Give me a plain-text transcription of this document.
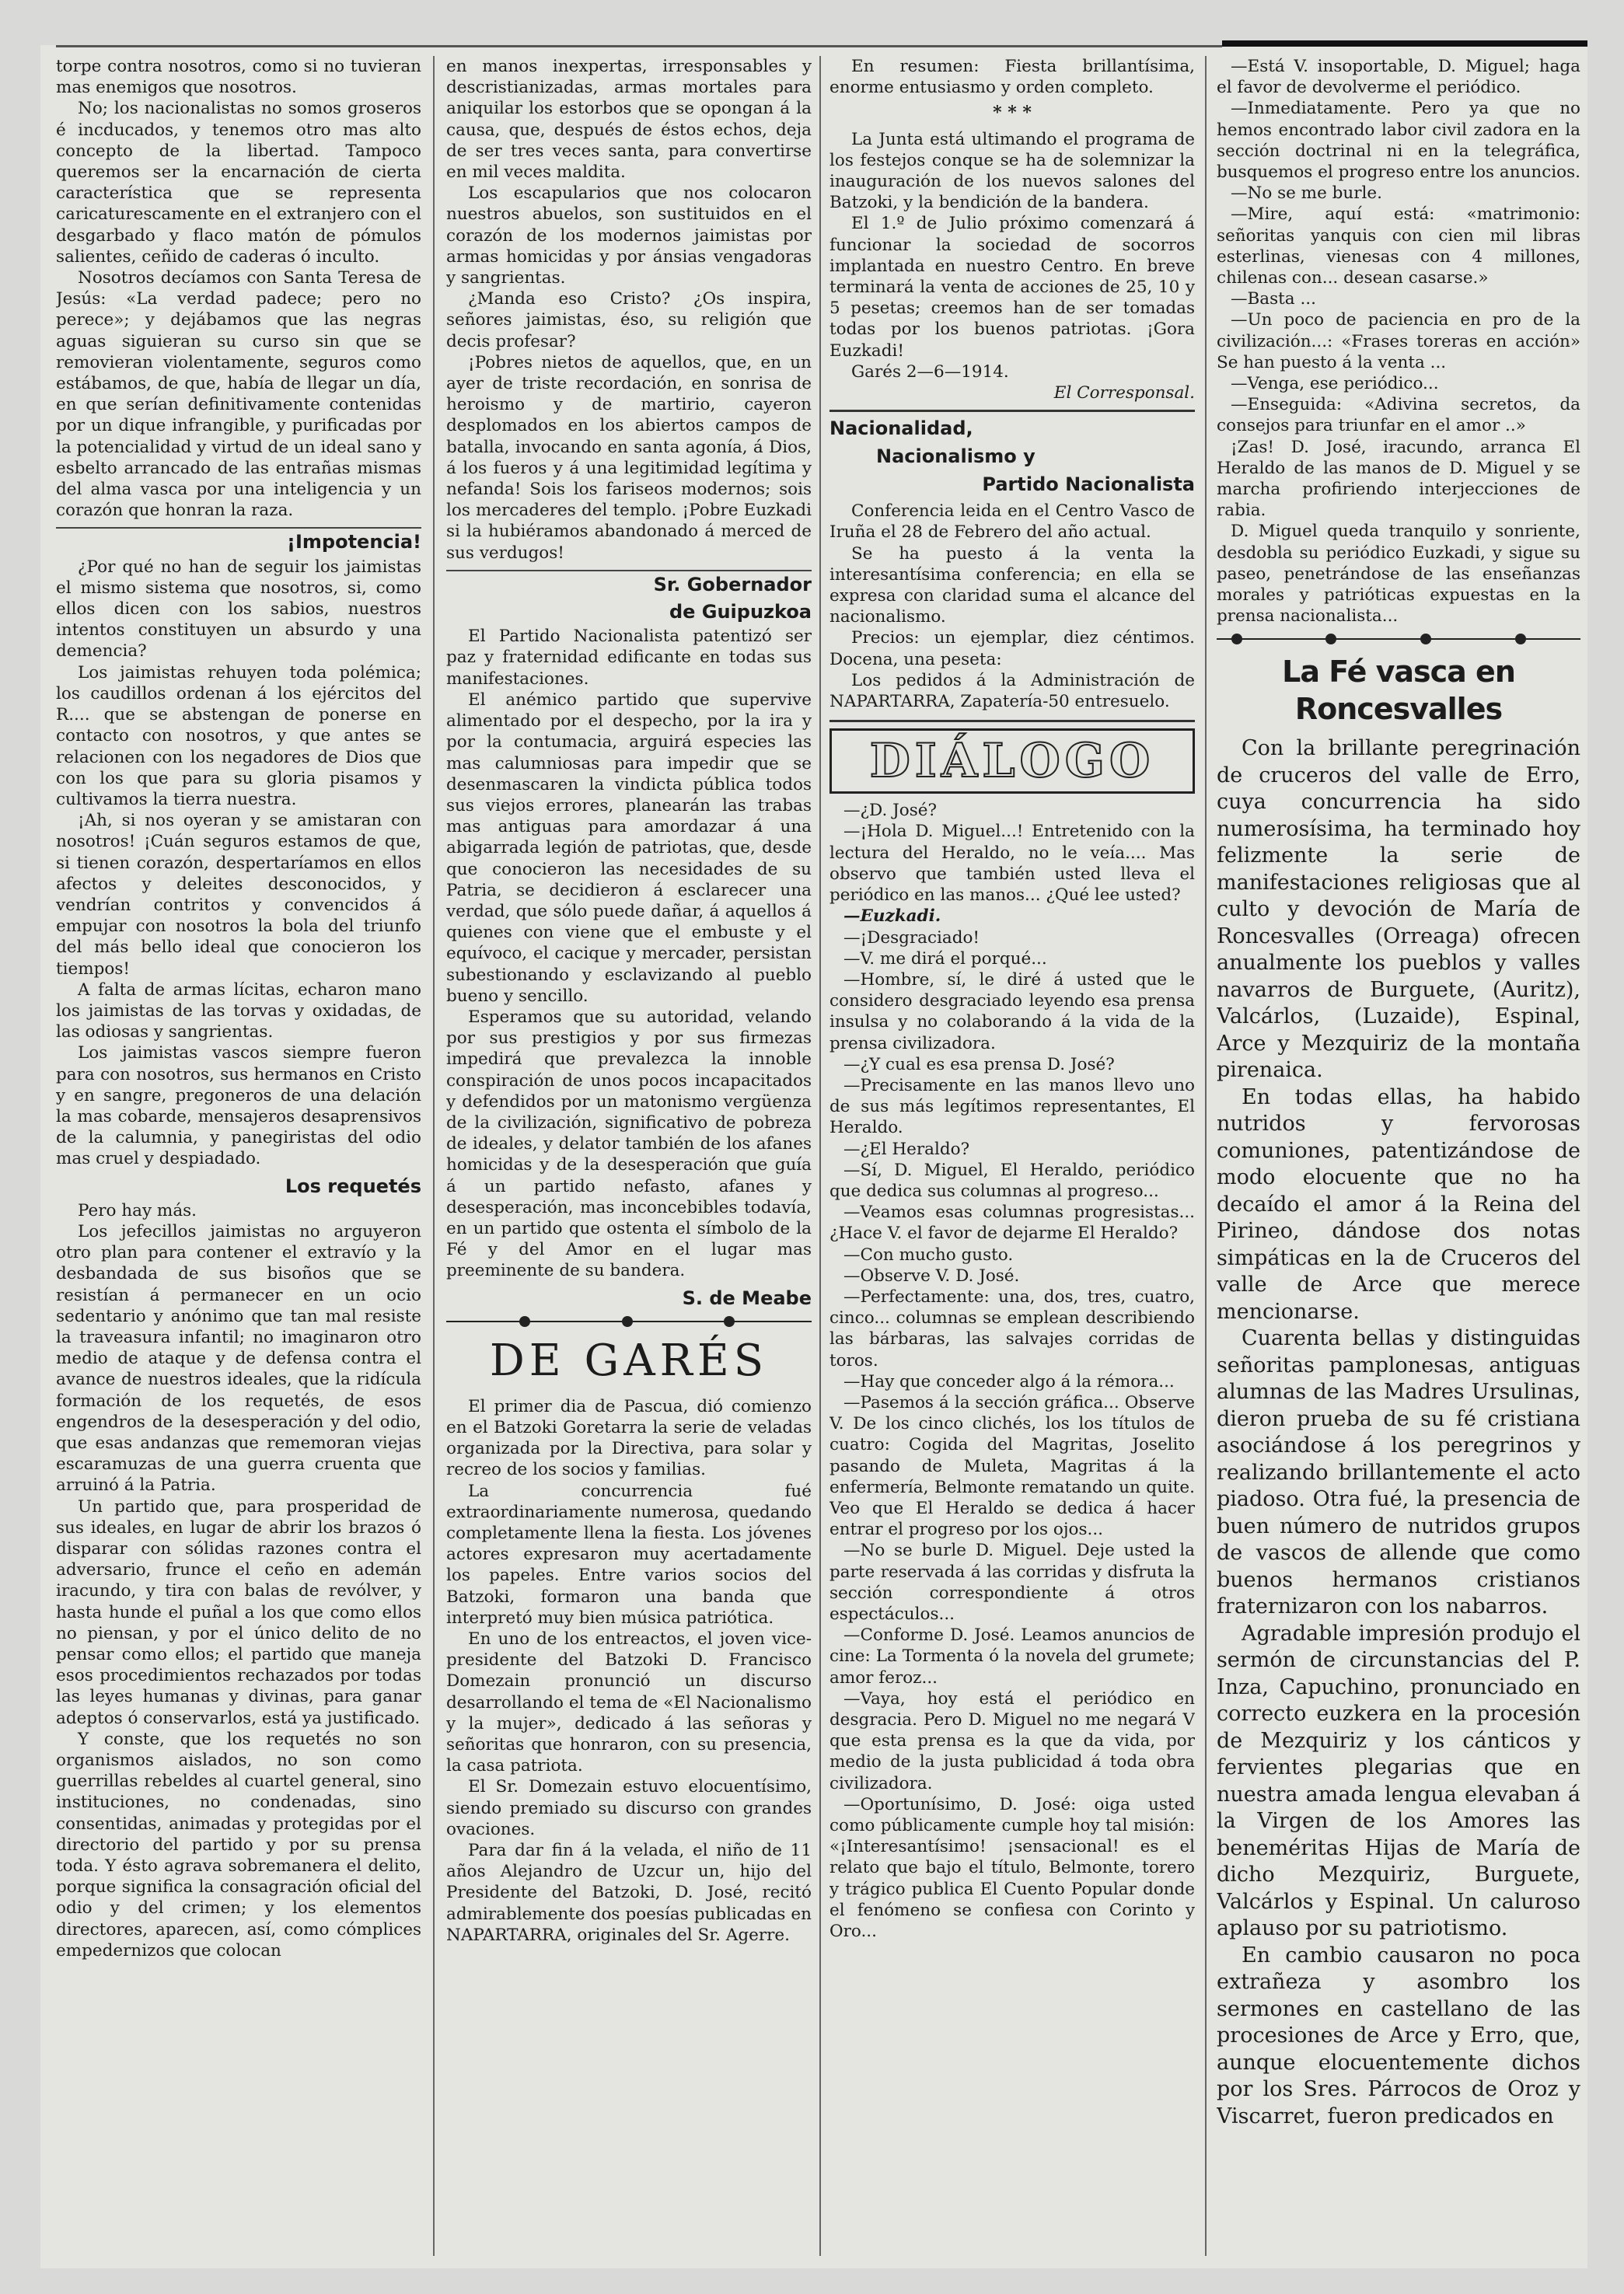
torpe contra nosotros, como si no tuvieran mas enemigos que nosotros.

No; los nacionalistas no somos groseros é incducados, y tenemos otro mas alto concepto de la libertad. Tampoco queremos ser la encarnación de cierta característica que se representa caricaturescamente en el extranjero con el desgarbado y flaco matón de pómulos salientes, ceñido de caderas ó inculto.

Nosotros decíamos con Santa Teresa de Jesús: «La verdad padece; pero no perece»; y dejábamos que las negras aguas siguieran su curso sin que se removieran violentamente, seguros como estábamos, de que, había de llegar un día, en que serían definitivamente contenidas por un dique infrangible, y purificadas por la potencialidad y virtud de un ideal sano y esbelto arrancado de las entrañas mismas del alma vasca por una inteligencia y un corazón que honran la raza.

¡Impotencia!

¿Por qué no han de seguir los jaimistas el mismo sistema que nosotros, si, como ellos dicen con los sabios, nuestros intentos constituyen un absurdo y una demencia?

Los jaimistas rehuyen toda polémica; los caudillos ordenan á los ejércitos del R.... que se abstengan de ponerse en contacto con nosotros, y que antes se relacionen con los negadores de Dios que con los que para su gloria pisamos y cultivamos la tierra nuestra.

¡Ah, si nos oyeran y se amistaran con nosotros! ¡Cuán seguros estamos de que, si tienen corazón, despertaríamos en ellos afectos y deleites desconocidos, y vendrían contritos y convencidos á empujar con nosotros la bola del triunfo del más bello ideal que conocieron los tiempos!

A falta de armas lícitas, echaron mano los jaimistas de las torvas y oxidadas, de las odiosas y sangrientas.

Los jaimistas vascos siempre fueron para con nosotros, sus hermanos en Cristo y en sangre, pregoneros de una delación la mas cobarde, mensajeros desaprensivos de la calumnia, y panegiristas del odio mas cruel y despiadado.

Los requetés

Pero hay más.

Los jefecillos jaimistas no arguyeron otro plan para contener el extravío y la desbandada de sus bisoños que se resistían á permanecer en un ocio sedentario y anónimo que tan mal resiste la traveasura infantil; no imaginaron otro medio de ataque y de defensa contra el avance de nuestros ideales, que la ridícula formación de los requetés, de esos engendros de la desesperación y del odio, que esas andanzas que rememoran viejas escaramuzas de una guerra cruenta que arruinó á la Patria.

Un partido que, para prosperidad de sus ideales, en lugar de abrir los brazos ó disparar con sólidas razones contra el adversario, frunce el ceño en ademán iracundo, y tira con balas de revólver, y hasta hunde el puñal a los que como ellos no piensan, y por el único delito de no pensar como ellos; el partido que maneja esos procedimientos rechazados por todas las leyes humanas y divinas, para ganar adeptos ó conservarlos, está ya justificado.

Y conste, que los requetés no son organismos aislados, no son como guerrillas rebeldes al cuartel general, sino instituciones, no condenadas, sino consentidas, animadas y protegidas por el directorio del partido y por su prensa toda. Y ésto agrava sobremanera el delito, porque significa la consagración oficial del odio y del crimen; y los elementos directores, aparecen, así, como cómplices empedernizos que colocan

en manos inexpertas, irresponsables y descristianizadas, armas mortales para aniquilar los estorbos que se opongan á la causa, que, después de éstos echos, deja de ser tres veces santa, para convertirse en mil veces maldita.

Los escapularios que nos colocaron nuestros abuelos, son sustituidos en el corazón de los modernos jaimistas por armas homicidas y por ánsias vengadoras y sangrientas.

¿Manda eso Cristo? ¿Os inspira, señores jaimistas, éso, su religión que decis profesar?

¡Pobres nietos de aquellos, que, en un ayer de triste recordación, en sonrisa de heroismo y de martirio, cayeron desplomados en los abiertos campos de batalla, invocando en santa agonía, á Dios, á los fueros y á una legitimidad legítima y nefanda! Sois los fariseos modernos; sois los mercaderes del templo. ¡Pobre Euzkadi si la hubiéramos abandonado á merced de sus verdugos!

Sr. Gobernador
de Guipuzkoa

El Partido Nacionalista patentizó ser paz y fraternidad edificante en todas sus manifestaciones.

El anémico partido que supervive alimentado por el despecho, por la ira y por la contumacia, arguirá especies las mas calumniosas para impedir que se desenmascaren la vindicta pública todos sus viejos errores, planearán las trabas mas antiguas para amordazar á una abigarrada legión de patriotas, que, desde que conocieron las necesidades de su Patria, se decidieron á esclarecer una verdad, que sólo puede dañar, á aquellos á quienes con viene que el embuste y el equívoco, el cacique y mercader, persistan subestionando y esclavizando al pueblo bueno y sencillo.

Esperamos que su autoridad, velando por sus prestigios y por sus firmezas impedirá que prevalezca la innoble conspiración de unos pocos incapacitados y defendidos por un matonismo vergüenza de la civilización, significativo de pobreza de ideales, y delator también de los afanes homicidas y de la desesperación que guía á un partido nefasto, afanes y desesperación, mas inconcebibles todavía, en un partido que ostenta el símbolo de la Fé y del Amor en el lugar mas preeminente de su bandera.

S. de Meabe
DE GARÉS

El primer dia de Pascua, dió comienzo en el Batzoki Goretarra la serie de veladas organizada por la Directiva, para solar y recreo de los socios y familias.

La concurrencia fué extraordinariamente numerosa, quedando completamente llena la fiesta. Los jóvenes actores expresaron muy acertadamente los papeles. Entre varios socios del Batzoki, formaron una banda que interpretó muy bien música patriótica.

En uno de los entreactos, el joven vice-presidente del Batzoki D. Francisco Domezain pronunció un discurso desarrollando el tema de «El Nacionalismo y la mujer», dedicado á las señoras y señoritas que honraron, con su presencia, la casa patriota.

El Sr. Domezain estuvo elocuentísimo, siendo premiado su discurso con grandes ovaciones.

Para dar fin á la velada, el niño de 11 años Alejandro de Uzcur un, hijo del Presidente del Batzoki, D. José, recitó admirablemente dos poesías publicadas en NAPARTARRA, originales del Sr. Agerre.

En resumen: Fiesta brillantísima, enorme entusiasmo y orden completo.

* * *

La Junta está ultimando el programa de los festejos conque se ha de solemnizar la inauguración de los nuevos salones del Batzoki, y la bendición de la bandera.

El 1.º de Julio próximo comenzará á funcionar la sociedad de socorros implantada en nuestro Centro. En breve terminará la venta de acciones de 25, 10 y 5 pesetas; creemos han de ser tomadas todas por los buenos patriotas. ¡Gora Euzkadi!

Garés 2—6—1914.

El Corresponsal.
Nacionalidad,
Nacionalismo y
Partido Nacionalista

Conferencia leida en el Centro Vasco de Iruña el 28 de Febrero del año actual.

Se ha puesto á la venta la interesantísima conferencia; en ella se expresa con claridad suma el alcance del nacionalismo.

Precios: un ejemplar, diez céntimos. Docena, una peseta:

Los pedidos á la Administración de NAPARTARRA, Zapatería-50 entresuelo.

DIÁLOGO

—¿D. José?

—¡Hola D. Miguel...! Entretenido con la lectura del Heraldo, no le veía.... Mas observo que también usted lleva el periódico en las manos... ¿Qué lee usted?

—Euzkadi.

—¡Desgraciado!

—V. me dirá el porqué...

—Hombre, sí, le diré á usted que le considero desgraciado leyendo esa prensa insulsa y no colaborando á la vida de la prensa civilizadora.

—¿Y cual es esa prensa D. José?

—Precisamente en las manos llevo uno de sus más legítimos representantes, El Heraldo.

—¿El Heraldo?

—Sí, D. Miguel, El Heraldo, periódico que dedica sus columnas al progreso...

—Veamos esas columnas progresistas... ¿Hace V. el favor de dejarme El Heraldo?

—Con mucho gusto.

—Observe V. D. José.

—Perfectamente: una, dos, tres, cuatro, cinco... columnas se emplean describiendo las bárbaras, las salvajes corridas de toros.

—Hay que conceder algo á la rémora...

—Pasemos á la sección gráfica... Observe V. De los cinco clichés, los los títulos de cuatro: Cogida del Magritas, Joselito pasando de Muleta, Magritas á la enfermería, Belmonte rematando un quite. Veo que El Heraldo se dedica á hacer entrar el progreso por los ojos...

—No se burle D. Miguel. Deje usted la parte reservada á las corridas y disfruta la sección correspondiente á otros espectáculos...

—Conforme D. José. Leamos anuncios de cine: La Tormenta ó la novela del grumete; amor feroz...

—Vaya, hoy está el periódico en desgracia. Pero D. Miguel no me negará V que esta prensa es la que da vida, por medio de la justa publicidad á toda obra civilizadora.

—Oportunísimo, D. José: oiga usted como públicamente cumple hoy tal misión: «¡Interesantísimo! ¡sensacional! es el relato que bajo el título, Belmonte, torero y trágico publica El Cuento Popular donde el fenómeno se confiesa con Corinto y Oro...

—Está V. insoportable, D. Miguel; haga el favor de devolverme el periódico.

—Inmediatamente. Pero ya que no hemos encontrado labor civil zadora en la sección doctrinal ni en la telegráfica, busquemos el progreso entre los anuncios.

—No se me burle.

—Mire, aquí está: «matrimonio: señoritas yanquis con cien mil libras esterlinas, vienesas con 4 millones, chilenas con... desean casarse.»

—Basta ...

—Un poco de paciencia en pro de la civilización...: «Frases toreras en acción» Se han puesto á la venta ...

—Venga, ese periódico...

—Enseguida: «Adivina secretos, da consejos para triunfar en el amor ..»

¡Zas! D. José, iracundo, arranca El Heraldo de las manos de D. Miguel y se marcha profiriendo interjecciones de rabia.

D. Miguel queda tranquilo y sonriente, desdobla su periódico Euzkadi, y sigue su paseo, penetrándose de las enseñanzas morales y patrióticas expuestas en la prensa nacionalista...

La Fé vasca en Roncesvalles

Con la brillante peregrinación de cruceros del valle de Erro, cuya concurrencia ha sido numerosísima, ha terminado hoy felizmente la serie de manifestaciones religiosas que al culto y devoción de María de Roncesvalles (Orreaga) ofrecen anualmente los pueblos y valles navarros de Burguete, (Auritz), Valcárlos, (Luzaide), Espinal, Arce y Mezquiriz de la montaña pirenaica.

En todas ellas, ha habido nutridos y fervorosas comuniones, patentizándose de modo elocuente que no ha decaído el amor á la Reina del Pirineo, dándose dos notas simpáticas en la de Cruceros del valle de Arce que merece mencionarse.

Cuarenta bellas y distinguidas señoritas pamplonesas, antiguas alumnas de las Madres Ursulinas, dieron prueba de su fé cristiana asociándose á los peregrinos y realizando brillantemente el acto piadoso. Otra fué, la presencia de buen número de nutridos grupos de vascos de allende que como buenos hermanos cristianos fraternizaron con los nabarros.

Agradable impresión produjo el sermón de circunstancias del P. Inza, Capuchino, pronunciado en correcto euzkera en la procesión de Mezquiriz y los cánticos y fervientes plegarias que en nuestra amada lengua elevaban á la Virgen de los Amores las beneméritas Hijas de María de dicho Mezquiriz, Burguete, Valcárlos y Espinal. Un caluroso aplauso por su patriotismo.

En cambio causaron no poca extrañeza y asombro los sermones en castellano de las procesiones de Arce y Erro, que, aunque elocuentemente dichos por los Sres. Párrocos de Oroz y Viscarret, fueron predicados en
